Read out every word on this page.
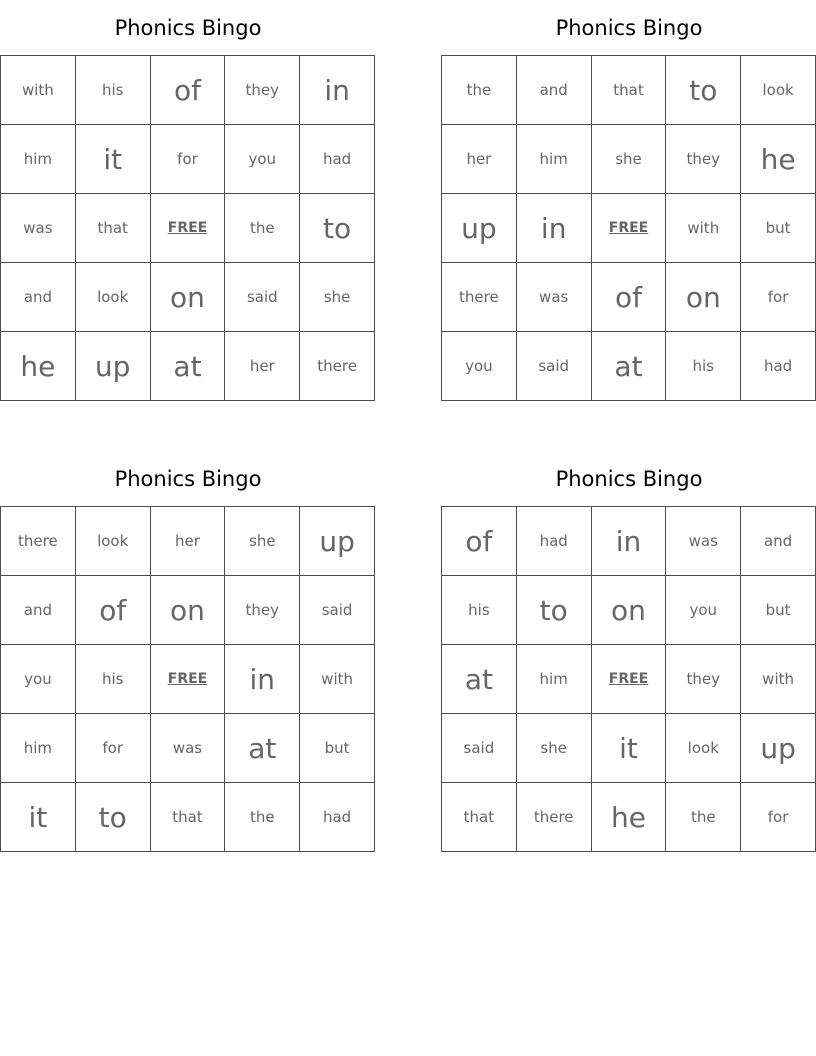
Phonics Bingo
with	his	of	they	in
him	it	for	you	had
was	that	FREE	the	to
and	look	on	said	she
he	up	at	her	there
Phonics Bingo
the	and	that	to	look
her	him	she	they	he
up	in	FREE	with	but
there	was	of	on	for
you	said	at	his	had
Phonics Bingo
there	look	her	she	up
and	of	on	they	said
you	his	FREE	in	with
him	for	was	at	but
it	to	that	the	had
Phonics Bingo
of	had	in	was	and
his	to	on	you	but
at	him	FREE	they	with
said	she	it	look	up
that	there	he	the	for
